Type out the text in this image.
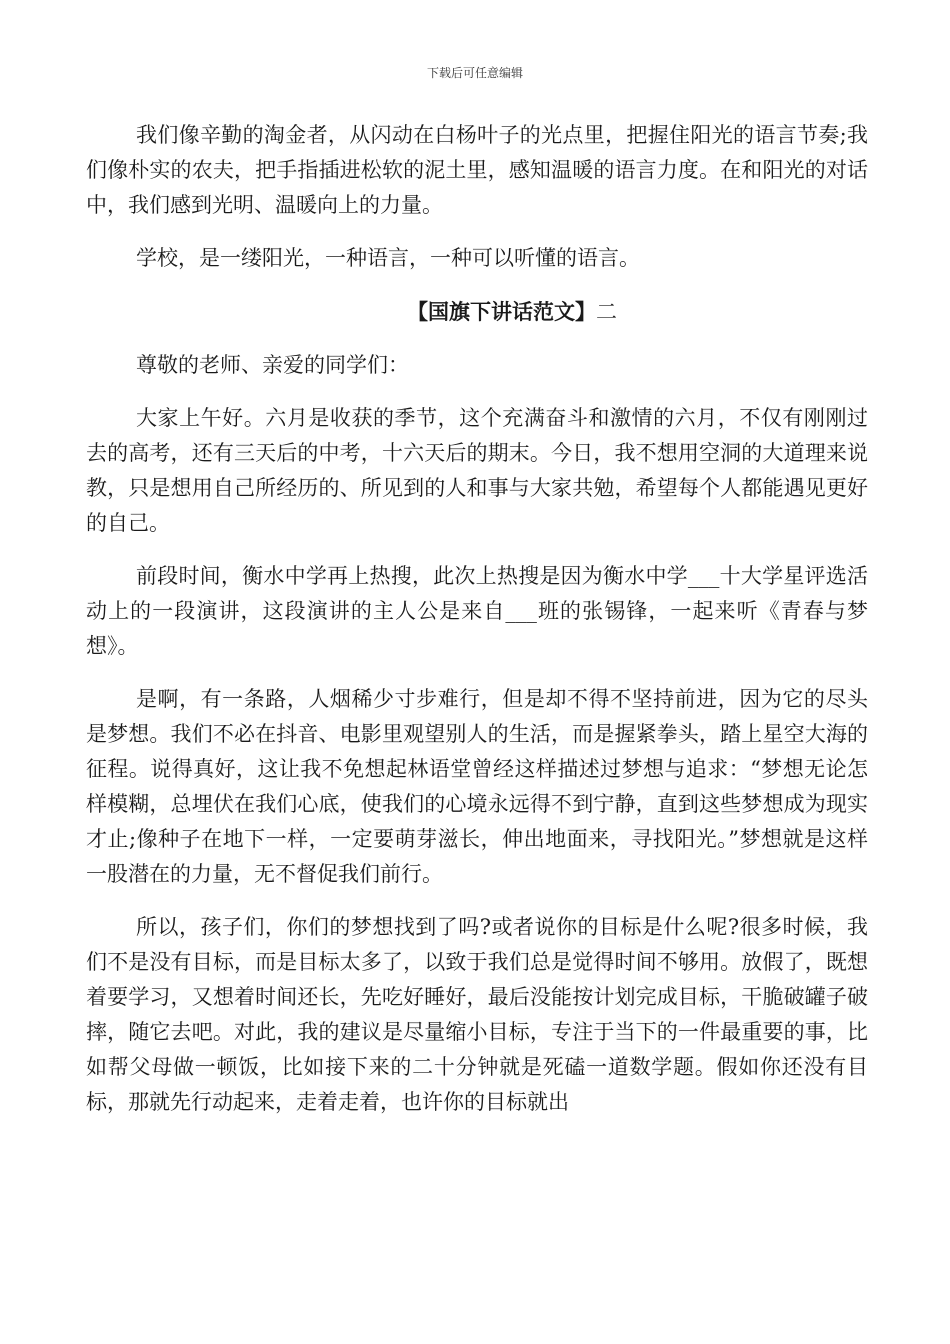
下载后可任意编辑

我们像辛勤的淘金者，从闪动在白杨叶子的光点里，把握住阳光的语言节奏;我们像朴实的农夫，把手指插进松软的泥土里，感知温暖的语言力度。在和阳光的对话中，我们感到光明、温暖向上的力量。

学校，是一缕阳光，一种语言，一种可以听懂的语言。

【国旗下讲话范文】二

尊敬的老师、亲爱的同学们：

大家上午好。六月是收获的季节，这个充满奋斗和激情的六月，不仅有刚刚过去的高考，还有三天后的中考，十六天后的期末。今日，我不想用空洞的大道理来说教，只是想用自己所经历的、所见到的人和事与大家共勉，希望每个人都能遇见更好的自己。

前段时间，衡水中学再上热搜，此次上热搜是因为衡水中学___十大学星评选活动上的一段演讲，这段演讲的主人公是来自___班的张锡锋，一起来听《青春与梦想》。

是啊，有一条路，人烟稀少寸步难行，但是却不得不坚持前进，因为它的尽头是梦想。我们不必在抖音、电影里观望别人的生活，而是握紧拳头，踏上星空大海的征程。说得真好，这让我不免想起林语堂曾经这样描述过梦想与追求：“梦想无论怎样模糊，总埋伏在我们心底，使我们的心境永远得不到宁静，直到这些梦想成为现实才止;像种子在地下一样，一定要萌芽滋长，伸出地面来，寻找阳光。”梦想就是这样一股潜在的力量，无不督促我们前行。

所以，孩子们，你们的梦想找到了吗?或者说你的目标是什么呢?很多时候，我们不是没有目标，而是目标太多了，以致于我们总是觉得时间不够用。放假了，既想着要学习，又想着时间还长，先吃好睡好，最后没能按计划完成目标，干脆破罐子破摔，随它去吧。对此，我的建议是尽量缩小目标，专注于当下的一件最重要的事，比如帮父母做一顿饭，比如接下来的二十分钟就是死磕一道数学题。假如你还没有目标，那就先行动起来，走着走着，也许你的目标就出
